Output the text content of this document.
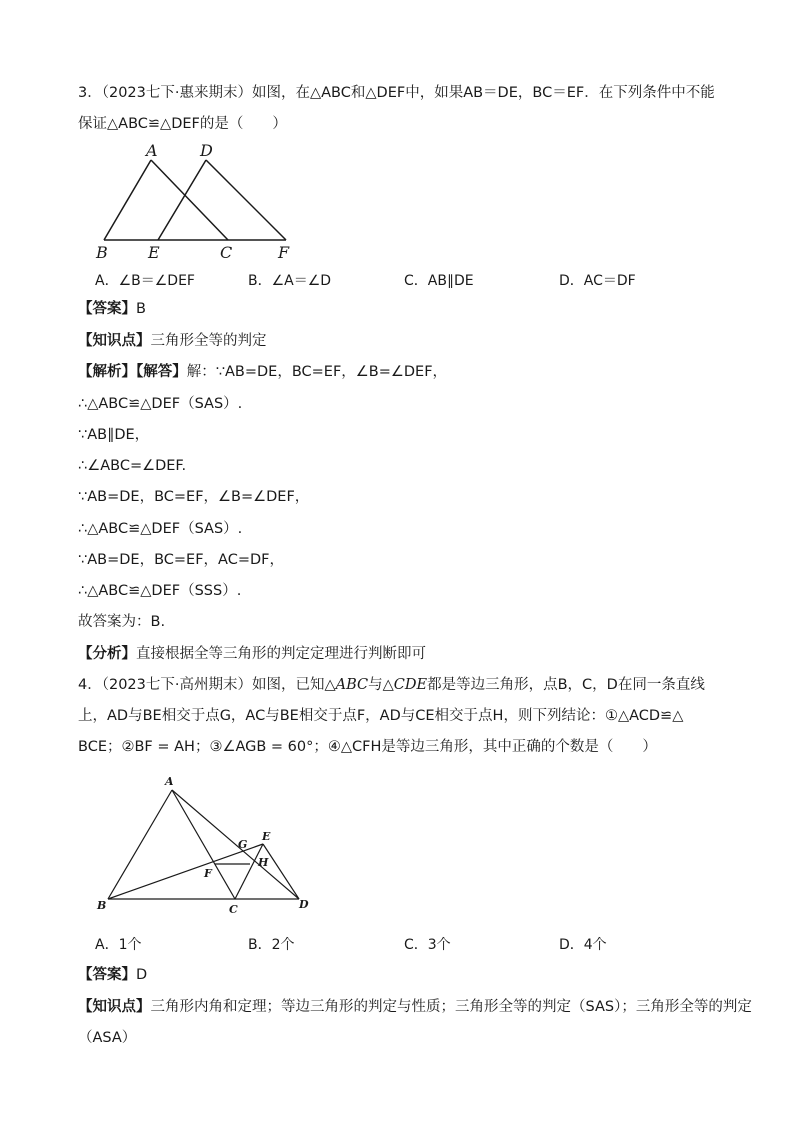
3．（2023七下·惠来期末）如图，在△ABC和△DEF中，如果AB＝DE，BC＝EF．在下列条件中不能
保证△ABC≌△DEF的是（　　）
A	D
B	E	C	F
A．∠B＝∠DEF	B．∠A＝∠D	C．AB∥DE	D．AC＝DF
【答案】B
【知识点】三角形全等的判定
【解析】【解答】解：∵AB=DE，BC=EF，∠B=∠DEF，
∴△ABC≌△DEF（SAS）.
∵AB∥DE，
∴∠ABC=∠DEF.
∵AB=DE，BC=EF，∠B=∠DEF，
∴△ABC≌△DEF（SAS）.
∵AB=DE，BC=EF，AC=DF，
∴△ABC≌△DEF（SSS）.
故答案为：B.
【分析】直接根据全等三角形的判定定理进行判断即可
4．（2023七下·高州期末）如图，已知△ABC与△CDE都是等边三角形，点B，C，D在同一条直线
上，AD与BE相交于点G，AC与BE相交于点F，AD与CE相交于点H，则下列结论：①△ACD≌△
BCE；②BF = AH；③∠AGB = 60°；④△CFH是等边三角形，其中正确的个数是（　　）
A
B	C	D
E
F
G
H
A．1个	B．2个	C．3个	D．4个
【答案】D
【知识点】三角形内角和定理；等边三角形的判定与性质；三角形全等的判定（SAS）；三角形全等的判定
（ASA）
